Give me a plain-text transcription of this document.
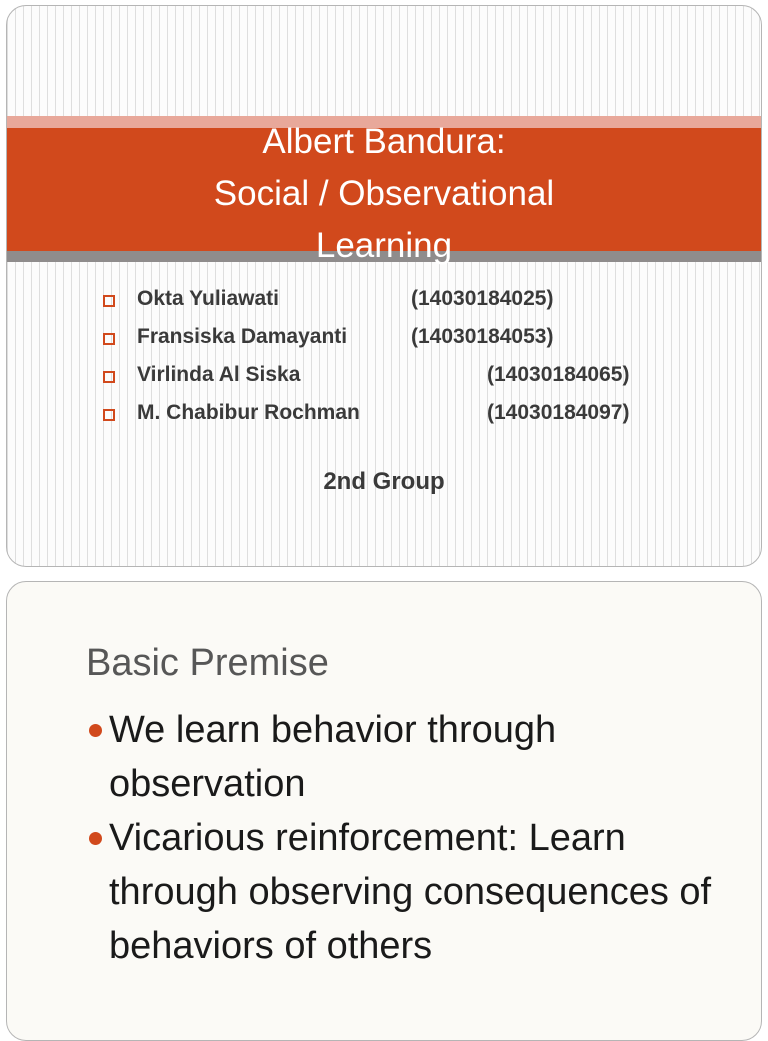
Albert Bandura:
Social / Observational
Learning
Okta Yuliawati	(14030184025)
Fransiska Damayanti	(14030184053)
Virlinda Al Siska	(14030184065)
M. Chabibur Rochman	(14030184097)
2nd Group
Basic Premise
We learn behavior through observation
Vicarious reinforcement: Learn through observing consequences of behaviors of others
